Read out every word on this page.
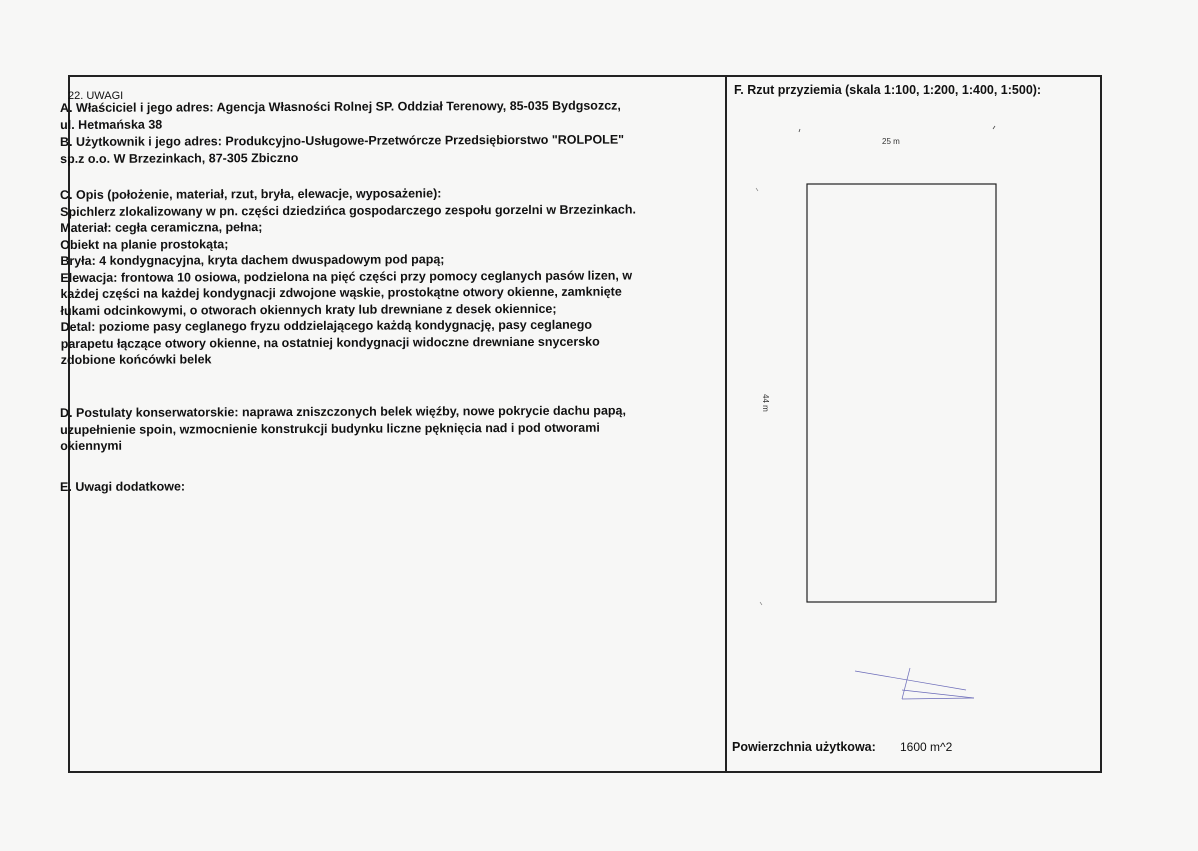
22. UWAGI
A. Właściciel i jego adres: Agencja Własności Rolnej SP. Oddział Terenowy, 85-035 Bydgsozcz,
ul. Hetmańska 38
B. Użytkownik i jego adres: Produkcyjno-Usługowe-Przetwórcze Przedsiębiorstwo "ROLPOLE"
sp.z o.o. W Brzezinkach, 87-305 Zbiczno
C. Opis (położenie, materiał, rzut, bryła, elewacje, wyposażenie):
Spichlerz zlokalizowany w pn. części dziedzińca gospodarczego zespołu gorzelni w Brzezinkach.
Materiał: cegła ceramiczna, pełna;
Obiekt na planie prostokąta;
Bryła: 4 kondygnacyjna, kryta dachem dwuspadowym pod papą;
Elewacja: frontowa 10 osiowa, podzielona na pięć części przy pomocy ceglanych pasów lizen, w
każdej części na każdej kondygnacji zdwojone wąskie, prostokątne otwory okienne, zamknięte
łukami odcinkowymi, o otworach okiennych kraty lub drewniane z desek okiennice;
Detal: poziome pasy ceglanego fryzu oddzielającego każdą kondygnację, pasy ceglanego
parapetu łączące otwory okienne, na ostatniej kondygnacji widoczne drewniane snycersko
zdobione końcówki belek
D. Postulaty konserwatorskie: naprawa zniszczonych belek więźby, nowe pokrycie dachu papą,
uzupełnienie spoin, wzmocnienie konstrukcji budynku liczne pęknięcia nad i pod otworami
okiennymi
E. Uwagi dodatkowe:
F. Rzut przyziemia (skala 1:100, 1:200, 1:400, 1:500):
25 m
44 m
Powierzchnia użytkowa: 1600 m^2
